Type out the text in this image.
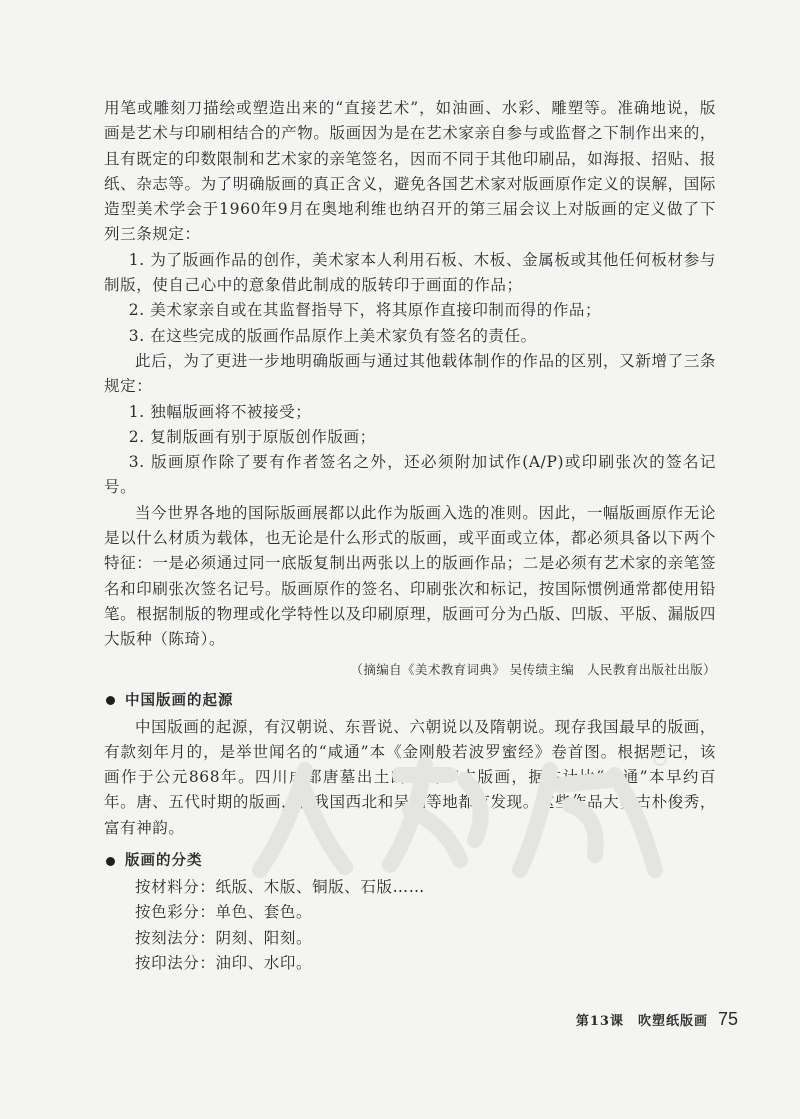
用笔或雕刻刀描绘或塑造出来的“直接艺术”，如油画、水彩、雕塑等。准确地说，版画是艺术与印刷相结合的产物。版画因为是在艺术家亲自参与或监督之下制作出来的，且有既定的印数限制和艺术家的亲笔签名，因而不同于其他印刷品，如海报、招贴、报纸、杂志等。为了明确版画的真正含义，避免各国艺术家对版画原作定义的误解，国际造型美术学会于1960年9月在奥地利维也纳召开的第三届会议上对版画的定义做了下列三条规定：

1. 为了版画作品的创作，美术家本人利用石板、木板、金属板或其他任何板材参与制版，使自己心中的意象借此制成的版转印于画面的作品；

2. 美术家亲自或在其监督指导下，将其原作直接印制而得的作品；

3. 在这些完成的版画作品原作上美术家负有签名的责任。

此后，为了更进一步地明确版画与通过其他载体制作的作品的区别，又新增了三条规定：

1. 独幅版画将不被接受；

2. 复制版画有别于原版创作版画；

3. 版画原作除了要有作者签名之外，还必须附加试作(A/P)或印刷张次的签名记号。

当今世界各地的国际版画展都以此作为版画入选的准则。因此，一幅版画原作无论是以什么材质为载体，也无论是什么形式的版画，或平面或立体，都必须具备以下两个特征：一是必须通过同一底版复制出两张以上的版画作品；二是必须有艺术家的亲笔签名和印刷张次签名记号。版画原作的签名、印刷张次和标记，按国际惯例通常都使用铅笔。根据制版的物理或化学特性以及印刷原理，版画可分为凸版、凹版、平版、漏版四大版种（陈琦）。

（摘编自《美术教育词典》 吴传绩主编　人民教育出版社出版）

中国版画的起源

中国版画的起源，有汉朝说、东晋说、六朝说以及隋朝说。现存我国最早的版画，有款刻年月的，是举世闻名的“咸通”本《金刚般若波罗蜜经》卷首图。根据题记，该画作于公元868年。四川成都唐墓出土的“至德”本版画，据估计比“咸通”本早约百年。唐、五代时期的版画，在我国西北和吴越等地都有发现。这些作品大多古朴俊秀，富有神韵。

版画的分类

按材料分：纸版、木版、铜版、石版……

按色彩分：单色、套色。

按刻法分：阴刻、阳刻。

按印法分：油印、水印。

第13课　吹塑纸版画 75
